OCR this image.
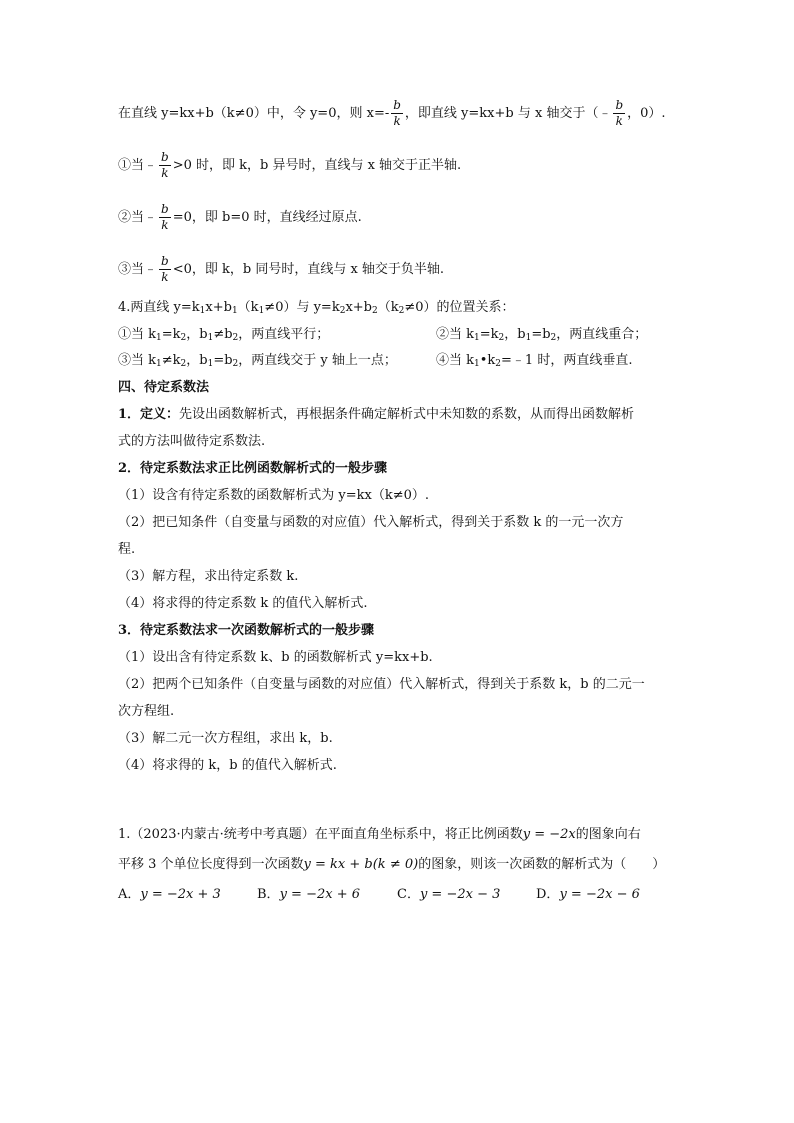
在直线 y=kx+b（k≠0）中，令 y=0，则 $x=- \frac{b}{k}$ ，即直线 y=kx+b 与 x 轴交于（﹣ $\frac{b}{k}$ ，0）.
①当﹣ $\frac{b}{k} >0$ 时，即 k，b 异号时，直线与 x 轴交于正半轴.
②当﹣ $\frac{b}{k} =0$，即 b=0 时，直线经过原点.
③当﹣ $\frac{b}{k} <0$，即 k，b 同号时，直线与 x 轴交于负半轴.
4.两直线 $y=k_1x+b_1(k_1\ne 0)$与 $y=k_2x+b_2(k_2\ne 0)$的位置关系：
①当 $k_1=k_2$，$b_1\ne b_2$，两直线平行；	②当 $k_1=k_2$，$b_1=b_2$，两直线重合；
③当 $k_1\ne k_2$，$b_1=b_2$，两直线交于 y 轴上一点；	④当 $k_1•k_2=﹣1$ 时，两直线垂直.
四、待定系数法
1．定义：先设出函数解析式，再根据条件确定解析式中未知数的系数，从而得出函数解析
式的方法叫做待定系数法.
2．待定系数法求正比例函数解析式的一般步骤
（1）设含有待定系数的函数解析式为 y=kx（k≠0）.
（2）把已知条件（自变量与函数的对应值）代入解析式，得到关于系数 k 的一元一次方
程.
（3）解方程，求出待定系数 k.
（4）将求得的待定系数 k 的值代入解析式.
3．待定系数法求一次函数解析式的一般步骤
（1）设出含有待定系数 k、b 的函数解析式 y=kx+b.
（2）把两个已知条件（自变量与函数的对应值）代入解析式，得到关于系数 k，b 的二元一
次方程组.
（3）解二元一次方程组，求出 k，b.
（4）将求得的 k，b 的值代入解析式.
1.（2023·内蒙古·统考中考真题）在平面直角坐标系中，将正比例函数y = −2x的图象向右
平移 3 个单位长度得到一次函数y = kx + b(k ≠ 0)的图象，则该一次函数的解析式为（　　）
A．y = −2x + 3	B．y = −2x + 6	C．y = −2x − 3	D．y = −2x − 6
